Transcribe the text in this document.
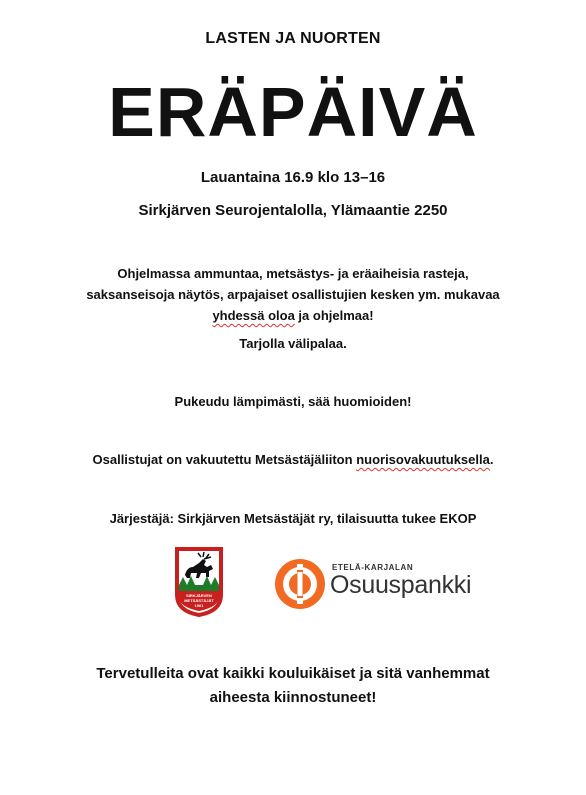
LASTEN JA NUORTEN
ERÄPÄIVÄ
Lauantaina 16.9 klo 13–16
Sirkjärven Seurojentalolla, Ylämaantie 2250
Ohjelmassa ammuntaa, metsästys- ja eräaiheisia rasteja,
saksanseisoja näytös, arpajaiset osallistujien kesken ym. mukavaa
yhdessä oloa ja ohjelmaa!
Tarjolla välipalaa.
Pukeudu lämpimästi, sää huomioiden!
Osallistujat on vakuutettu Metsästäjäliiton nuorisovakuutuksella.
Järjestäjä: Sirkjärven Metsästäjät ry, tilaisuutta tukee EKOP
SIRKJÄRVEN
METSÄSTÄJÄT
1961
ETELÄ-KARJALAN
Osuuspankki
Tervetulleita ovat kaikki kouluikäiset ja sitä vanhemmat
aiheesta kiinnostuneet!
